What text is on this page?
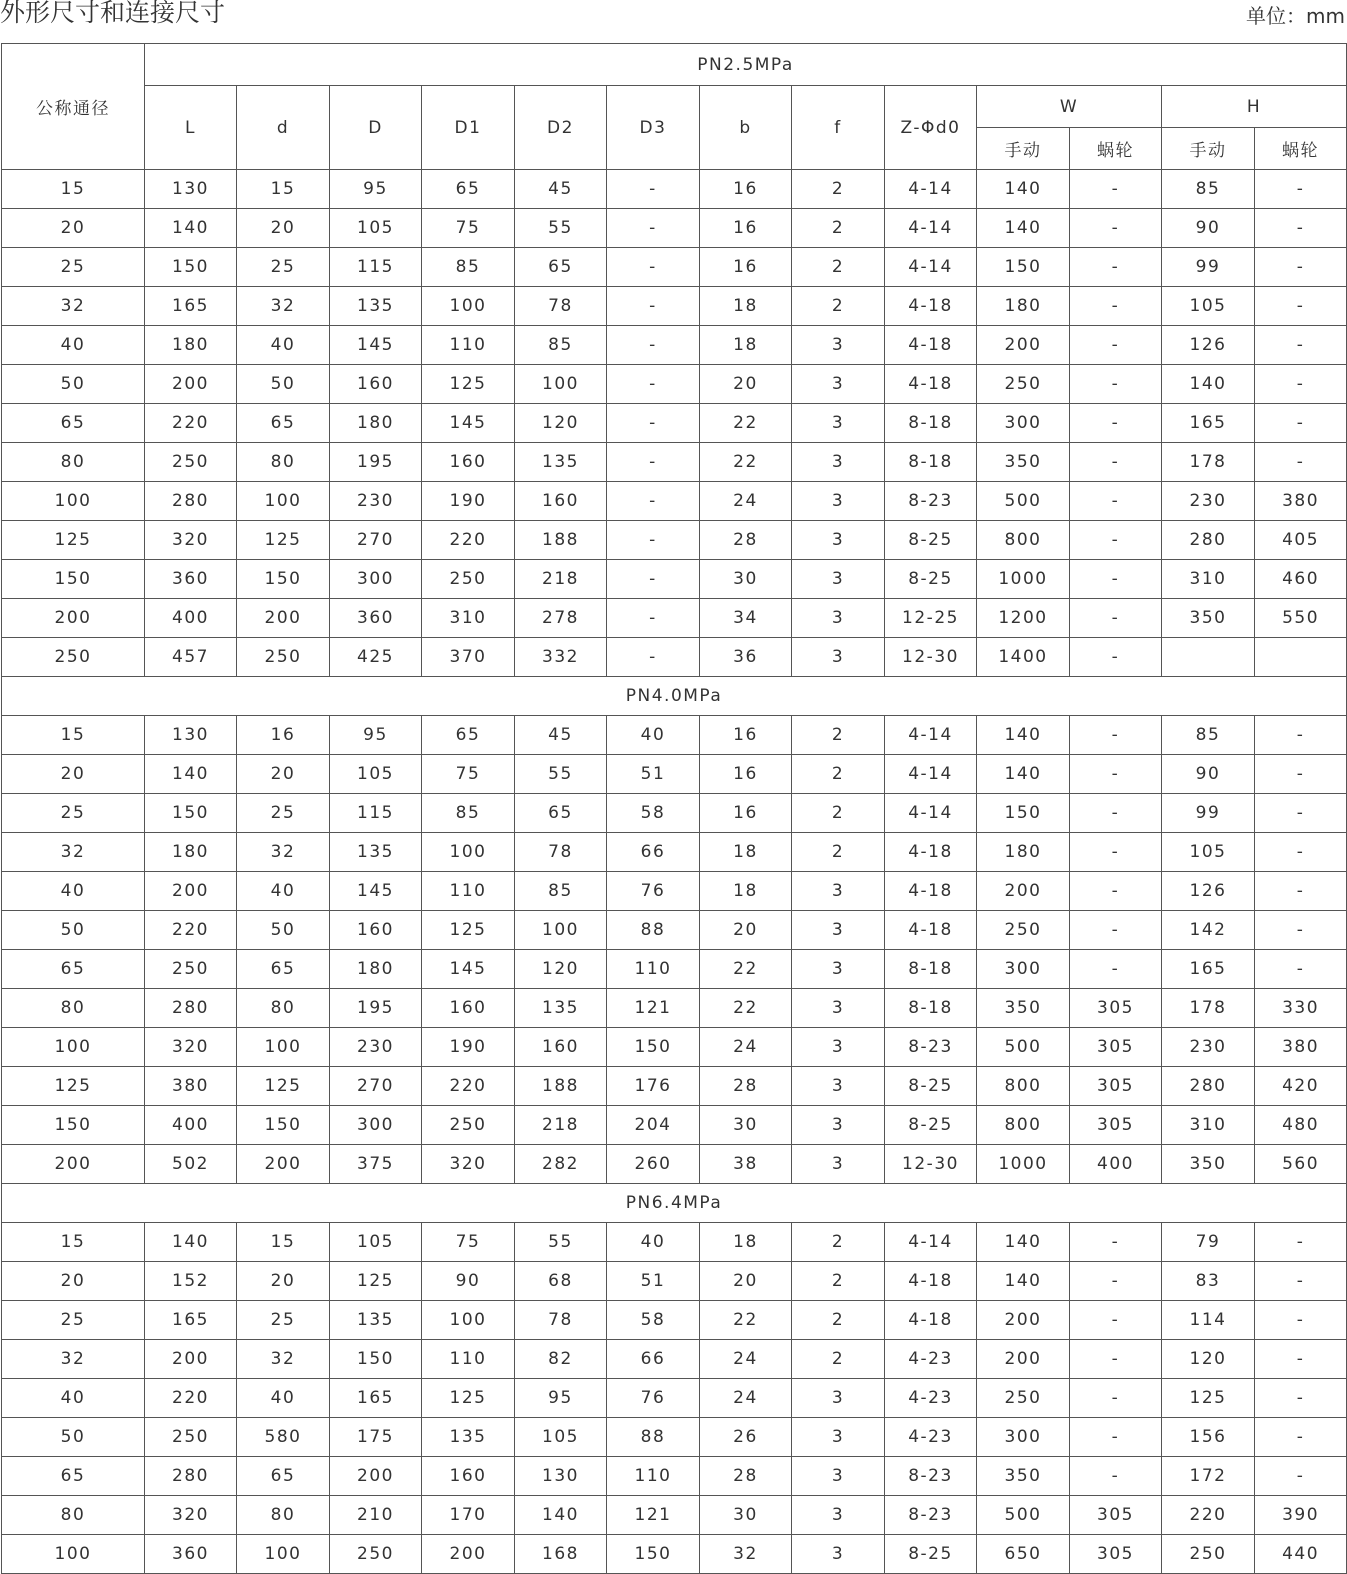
外形尺寸和连接尺寸	单位：mm
公称通径	PN2.5MPa												
	L	d	D	D1	D2	D3	b	f	Z-Φd0	W		H	
										手动	蜗轮	手动	蜗轮
15	130	15	95	65	45	-	16	2	4-14	140	-	85	-
20	140	20	105	75	55	-	16	2	4-14	140	-	90	-
25	150	25	115	85	65	-	16	2	4-14	150	-	99	-
32	165	32	135	100	78	-	18	2	4-18	180	-	105	-
40	180	40	145	110	85	-	18	3	4-18	200	-	126	-
50	200	50	160	125	100	-	20	3	4-18	250	-	140	-
65	220	65	180	145	120	-	22	3	8-18	300	-	165	-
80	250	80	195	160	135	-	22	3	8-18	350	-	178	-
100	280	100	230	190	160	-	24	3	8-23	500	-	230	380
125	320	125	270	220	188	-	28	3	8-25	800	-	280	405
150	360	150	300	250	218	-	30	3	8-25	1000	-	310	460
200	400	200	360	310	278	-	34	3	12-25	1200	-	350	550
250	457	250	425	370	332	-	36	3	12-30	1400	-		
PN4.0MPa													
15	130	16	95	65	45	40	16	2	4-14	140	-	85	-
20	140	20	105	75	55	51	16	2	4-14	140	-	90	-
25	150	25	115	85	65	58	16	2	4-14	150	-	99	-
32	180	32	135	100	78	66	18	2	4-18	180	-	105	-
40	200	40	145	110	85	76	18	3	4-18	200	-	126	-
50	220	50	160	125	100	88	20	3	4-18	250	-	142	-
65	250	65	180	145	120	110	22	3	8-18	300	-	165	-
80	280	80	195	160	135	121	22	3	8-18	350	305	178	330
100	320	100	230	190	160	150	24	3	8-23	500	305	230	380
125	380	125	270	220	188	176	28	3	8-25	800	305	280	420
150	400	150	300	250	218	204	30	3	8-25	800	305	310	480
200	502	200	375	320	282	260	38	3	12-30	1000	400	350	560
PN6.4MPa													
15	140	15	105	75	55	40	18	2	4-14	140	-	79	-
20	152	20	125	90	68	51	20	2	4-18	140	-	83	-
25	165	25	135	100	78	58	22	2	4-18	200	-	114	-
32	200	32	150	110	82	66	24	2	4-23	200	-	120	-
40	220	40	165	125	95	76	24	3	4-23	250	-	125	-
50	250	580	175	135	105	88	26	3	4-23	300	-	156	-
65	280	65	200	160	130	110	28	3	8-23	350	-	172	-
80	320	80	210	170	140	121	30	3	8-23	500	305	220	390
100	360	100	250	200	168	150	32	3	8-25	650	305	250	440
